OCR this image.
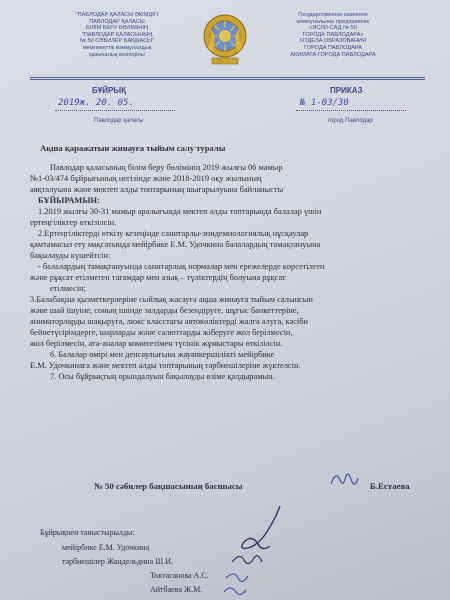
"ПАВЛОДАР ҚАЛАСЫ ӘКІМДІГІ
ПАВЛОДАР ҚАЛАСЫ
БІЛІМ БЕРУ БӨЛІМІНІҢ
"ПАВЛОДАР ҚАЛАСЫНЫҢ
№ 50 СӘБИЛЕР БАҚШАСЫ"
мемлекеттік коммуналдық
қазыналық кәсіпорны
Государственное казенное
коммунальное предприятие
«ЯСЛИ-САД № 50
ГОРОДА ПАВЛОДАРА»
ОТДЕЛА ОБРАЗОВАНИЯ
ГОРОДА ПАВЛОДАРА
АКИМАТА ГОРОДА ПАВЛОДАРА
БҰЙРЫҚ	ПРИКАЗ
2019ж. 20. 05.	№ 1-03/30
Павлодар қаласы	город Павлодар
Ақша қаражатын жинауға тыйым салу туралы

Павлодар қаласының білім беру бөлімінің 2019 жылғы 06 мамыр

№1-03/474 бұйрығының негізінде және 2018-2019 оқу жылының

аяқталуына және мектеп алды топтарының шығарылуына байланысты

БҰЙЫРАМЫН:

1.2019 жылғы 30-31 мамыр аралығында мектеп алды топтарында балалар үшін

ертеңгіліктер өткізілсін.

2.Ертеңгіліктерді өткізу кезеңінде санитарлы-эпидемиологиялық нұсқаулар

қамтамасыз ету мақсатында мейірбике Е.М. Удочкина балалардың тамақтануына

бақылауды күшейтсін:

- балалардың тамақтануында санитарлық нормалар мен ережелерде көрсетілген

және рұқсат етілмеген тағамдар мен азық – түліктердің болуына рұқсат

етілмесін;

3.Балабақша қызметкерлеріне сыйлық жасауға ақша жинауға тыйым салынсын

және шай ішуіне, соның ішінде залдарды безендіруге, шұғыс банкеттеріне,

аниматорларды шақыруға, люкс класстағы автокөліктерді жалға алуға, кәсіби

бейнетүсірімдерге, шарларды және салюттарды жіберуге жол берілмесін,

жол берілмесін, ата-аналар комитетімен түсінік жұмыстары өткізілсін.

6. Балалар өмірі мен денсаулығына жауапкершілікті мейірбике

Е.М. Удочкинаға және мектеп алды топтарының тәрбиешілеріне жүктелсін.

7. Осы бұйрықтың орындалуын бақылауды өзіме қалдырамын.

№ 50 сәбилер бақшасының басшысы	Б.Естаева
Бұйрықпен таныстырылды:
мейірбике Е.М. Удочкина
тәрбиешілер Жандельдина Ш.И.
Токтаганова А.С.
Айтбаева Ж.М.
